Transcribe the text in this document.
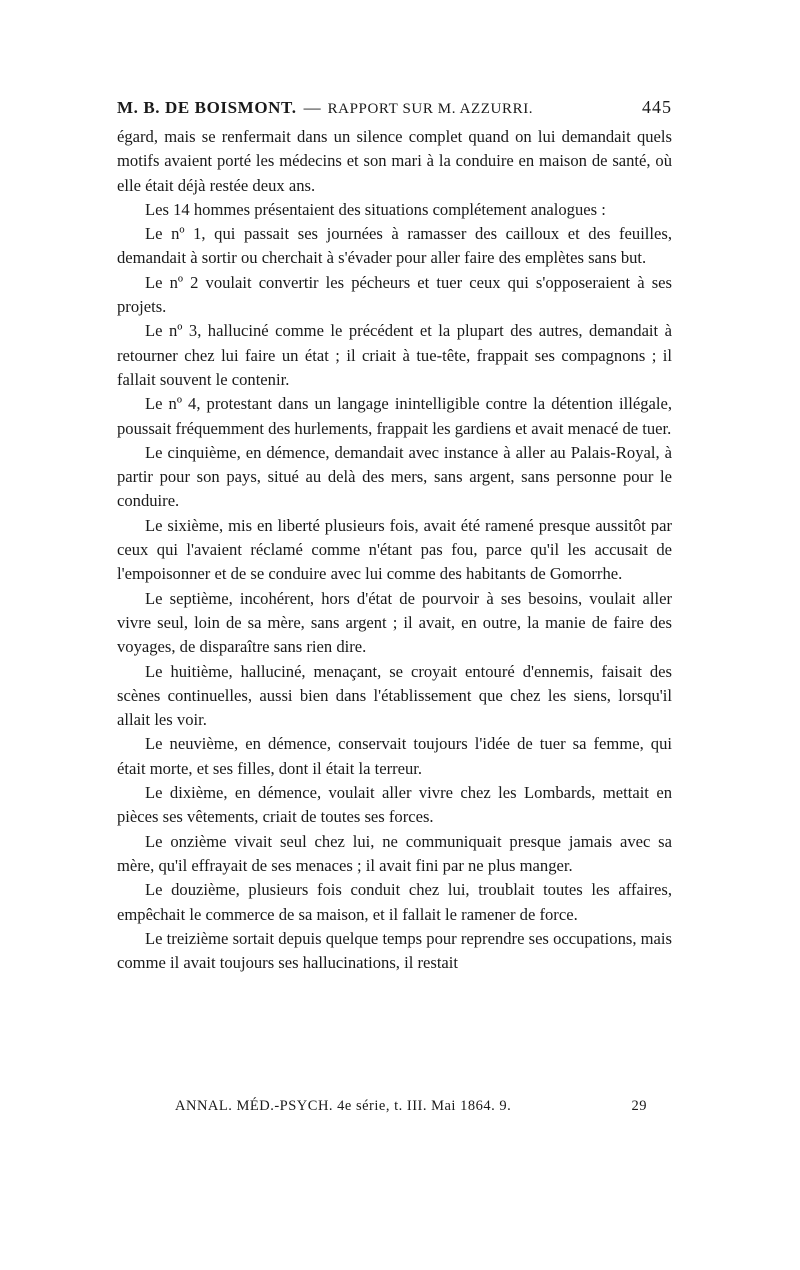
M. B. DE BOISMONT. — RAPPORT SUR M. AZZURRI.	445

égard, mais se renfermait dans un silence complet quand on lui demandait quels motifs avaient porté les médecins et son mari à la conduire en maison de santé, où elle était déjà restée deux ans.

Les 14 hommes présentaient des situations complétement analogues :

Le nº 1, qui passait ses journées à ramasser des cailloux et des feuilles, demandait à sortir ou cherchait à s'évader pour aller faire des emplètes sans but.

Le nº 2 voulait convertir les pécheurs et tuer ceux qui s'opposeraient à ses projets.

Le nº 3, halluciné comme le précédent et la plupart des autres, demandait à retourner chez lui faire un état ; il criait à tue-tête, frappait ses compagnons ; il fallait souvent le contenir.

Le nº 4, protestant dans un langage inintelligible contre la détention illégale, poussait fréquemment des hurlements, frappait les gardiens et avait menacé de tuer.

Le cinquième, en démence, demandait avec instance à aller au Palais-Royal, à partir pour son pays, situé au delà des mers, sans argent, sans personne pour le conduire.

Le sixième, mis en liberté plusieurs fois, avait été ramené presque aussitôt par ceux qui l'avaient réclamé comme n'étant pas fou, parce qu'il les accusait de l'empoisonner et de se conduire avec lui comme des habitants de Gomorrhe.

Le septième, incohérent, hors d'état de pourvoir à ses besoins, voulait aller vivre seul, loin de sa mère, sans argent ; il avait, en outre, la manie de faire des voyages, de disparaître sans rien dire.

Le huitième, halluciné, menaçant, se croyait entouré d'ennemis, faisait des scènes continuelles, aussi bien dans l'établissement que chez les siens, lorsqu'il allait les voir.

Le neuvième, en démence, conservait toujours l'idée de tuer sa femme, qui était morte, et ses filles, dont il était la terreur.

Le dixième, en démence, voulait aller vivre chez les Lombards, mettait en pièces ses vêtements, criait de toutes ses forces.

Le onzième vivait seul chez lui, ne communiquait presque jamais avec sa mère, qu'il effrayait de ses menaces ; il avait fini par ne plus manger.

Le douzième, plusieurs fois conduit chez lui, troublait toutes les affaires, empêchait le commerce de sa maison, et il fallait le ramener de force.

Le treizième sortait depuis quelque temps pour reprendre ses occupations, mais comme il avait toujours ses hallucinations, il restait

ANNAL. MÉD.-PSYCH. 4e série, t. III. Mai 1864. 9.	29
